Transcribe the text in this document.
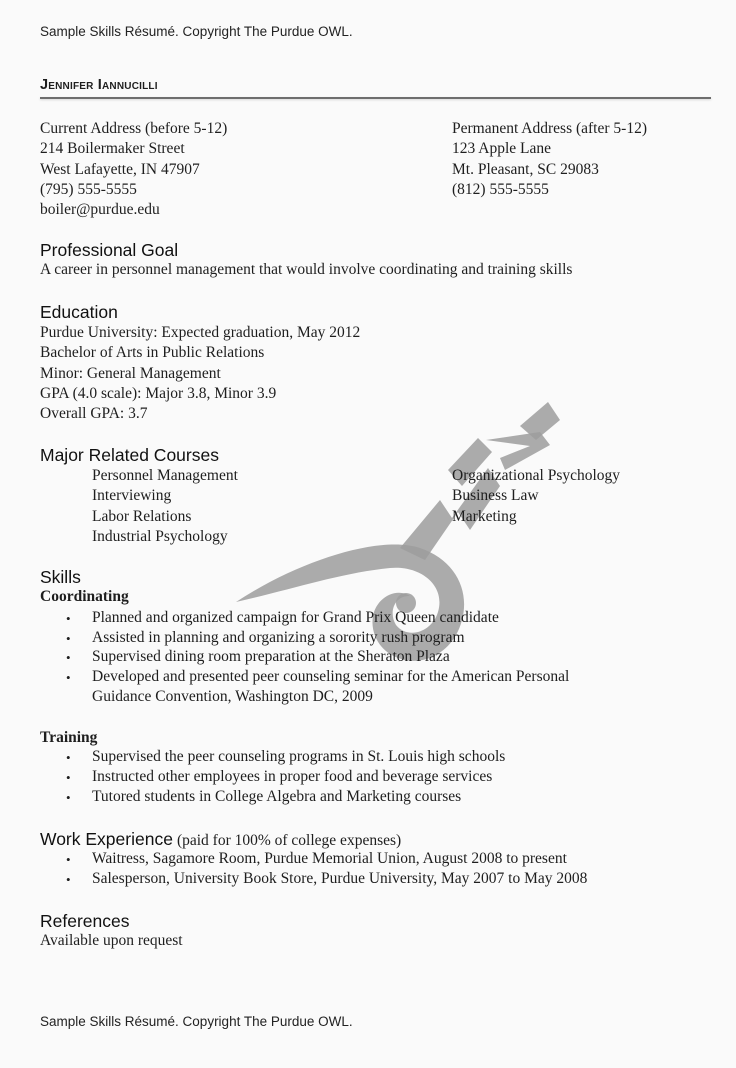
Sample Skills Résumé. Copyright The Purdue OWL.
Jennifer Iannucilli
Current Address (before 5-12)
214 Boilermaker Street
West Lafayette, IN 47907
(795) 555-5555
boiler@purdue.edu
Permanent Address (after 5-12)
123 Apple Lane
Mt. Pleasant, SC 29083
(812) 555-5555
Professional Goal
A career in personnel management that would involve coordinating and training skills
Education
Purdue University: Expected graduation, May 2012
Bachelor of Arts in Public Relations
Minor: General Management
GPA (4.0 scale): Major 3.8, Minor 3.9
Overall GPA: 3.7
Major Related Courses
Personnel Management
Interviewing
Labor Relations
Industrial Psychology
Organizational Psychology
Business Law
Marketing
Skills
Coordinating
• Planned and organized campaign for Grand Prix Queen candidate
• Assisted in planning and organizing a sorority rush program
• Supervised dining room preparation at the Sheraton Plaza
• Developed and presented peer counseling seminar for the American Personal
Guidance Convention, Washington DC, 2009
Training
• Supervised the peer counseling programs in St. Louis high schools
• Instructed other employees in proper food and beverage services
• Tutored students in College Algebra and Marketing courses
Work Experience (paid for 100% of college expenses)
• Waitress, Sagamore Room, Purdue Memorial Union, August 2008 to present
• Salesperson, University Book Store, Purdue University, May 2007 to May 2008
References
Available upon request
Sample Skills Résumé. Copyright The Purdue OWL.
